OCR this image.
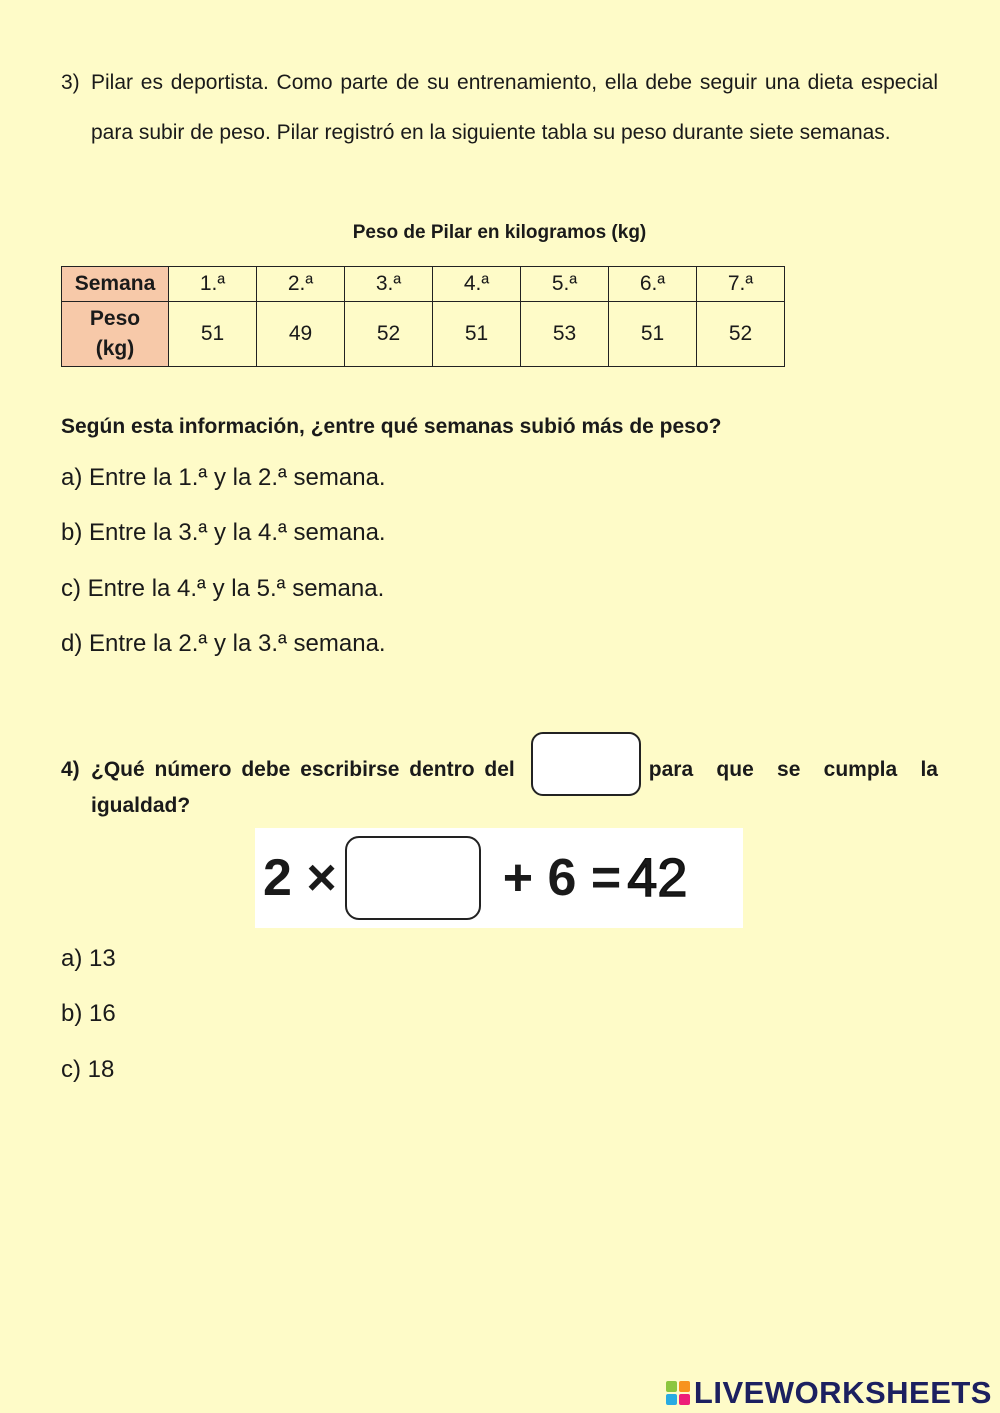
3) Pilar es deportista. Como parte de su entrenamiento, ella debe seguir una dieta especial para subir de peso. Pilar registró en la siguiente tabla su peso durante siete semanas.
Peso de Pilar en kilogramos (kg)
Semana	1.ª	2.ª	3.ª	4.ª	5.ª	6.ª	7.ª

Peso
(kg)	51	49	52	51	53	51	52
Según esta información, ¿entre qué semanas subió más de peso?
a) Entre la 1.ª y la 2.ª semana.
b) Entre la 3.ª y la 4.ª semana.
c) Entre la 4.ª y la 5.ª semana.
d) Entre la 2.ª y la 3.ª semana.
4) ¿Qué número debe escribirse dentro del	para que se cumpla la
igualdad?
2 ×	+ 6 = 42
a) 13
b) 16
c) 18
LIVEWORKSHEETS
